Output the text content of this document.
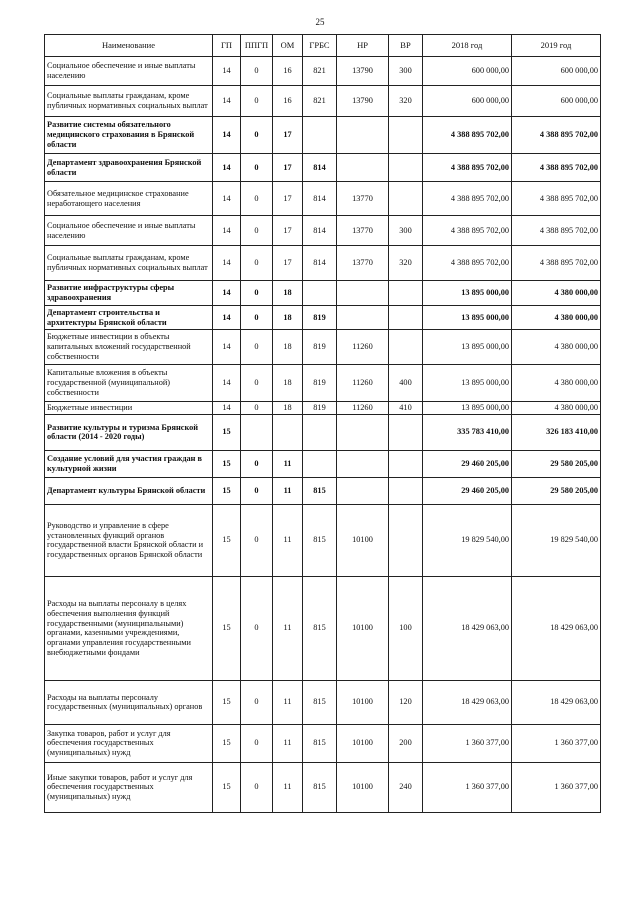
25
Наименование	ГП	ППГП	ОМ	ГРБС	НР	ВР	2018 год	2019 год
Социальное обеспечение и иные выплаты населению	14	0	16	821	13790	300	600 000,00	600 000,00
Социальные выплаты гражданам, кроме публичных нормативных социальных выплат	14	0	16	821	13790	320	600 000,00	600 000,00
Развитие системы обязательного медицинского страхования в Брянской области	14	0	17				4 388 895 702,00	4 388 895 702,00
Департамент здравоохранения Брянской области	14	0	17	814			4 388 895 702,00	4 388 895 702,00
Обязательное медицинское страхование неработающего населения	14	0	17	814	13770		4 388 895 702,00	4 388 895 702,00
Социальное обеспечение и иные выплаты населению	14	0	17	814	13770	300	4 388 895 702,00	4 388 895 702,00
Социальные выплаты гражданам, кроме публичных нормативных социальных выплат	14	0	17	814	13770	320	4 388 895 702,00	4 388 895 702,00
Развитие инфраструктуры сферы здравоохранения	14	0	18				13 895 000,00	4 380 000,00
Департамент строительства и архитектуры Брянской области	14	0	18	819			13 895 000,00	4 380 000,00
Бюджетные инвестиции в объекты капитальных вложений государственной собственности	14	0	18	819	11260		13 895 000,00	4 380 000,00
Капитальные вложения в объекты государственной (муниципальной) собственности	14	0	18	819	11260	400	13 895 000,00	4 380 000,00
Бюджетные инвестиции	14	0	18	819	11260	410	13 895 000,00	4 380 000,00
Развитие культуры и туризма Брянской области (2014 - 2020 годы)	15						335 783 410,00	326 183 410,00
Создание условий для участия граждан в культурной жизни	15	0	11				29 460 205,00	29 580 205,00
Департамент культуры Брянской области	15	0	11	815			29 460 205,00	29 580 205,00
Руководство и управление в сфере установленных функций органов государственной власти Брянской области и государственных органов Брянской области	15	0	11	815	10100		19 829 540,00	19 829 540,00
Расходы на выплаты персоналу в целях обеспечения выполнения функций государственными (муниципальными) органами, казенными учреждениями, органами управления государственными внебюджетными фондами	15	0	11	815	10100	100	18 429 063,00	18 429 063,00
Расходы на выплаты персоналу государственных (муниципальных) органов	15	0	11	815	10100	120	18 429 063,00	18 429 063,00
Закупка товаров, работ и услуг для обеспечения государственных (муниципальных) нужд	15	0	11	815	10100	200	1 360 377,00	1 360 377,00
Иные закупки товаров, работ и услуг для обеспечения государственных (муниципальных) нужд	15	0	11	815	10100	240	1 360 377,00	1 360 377,00
